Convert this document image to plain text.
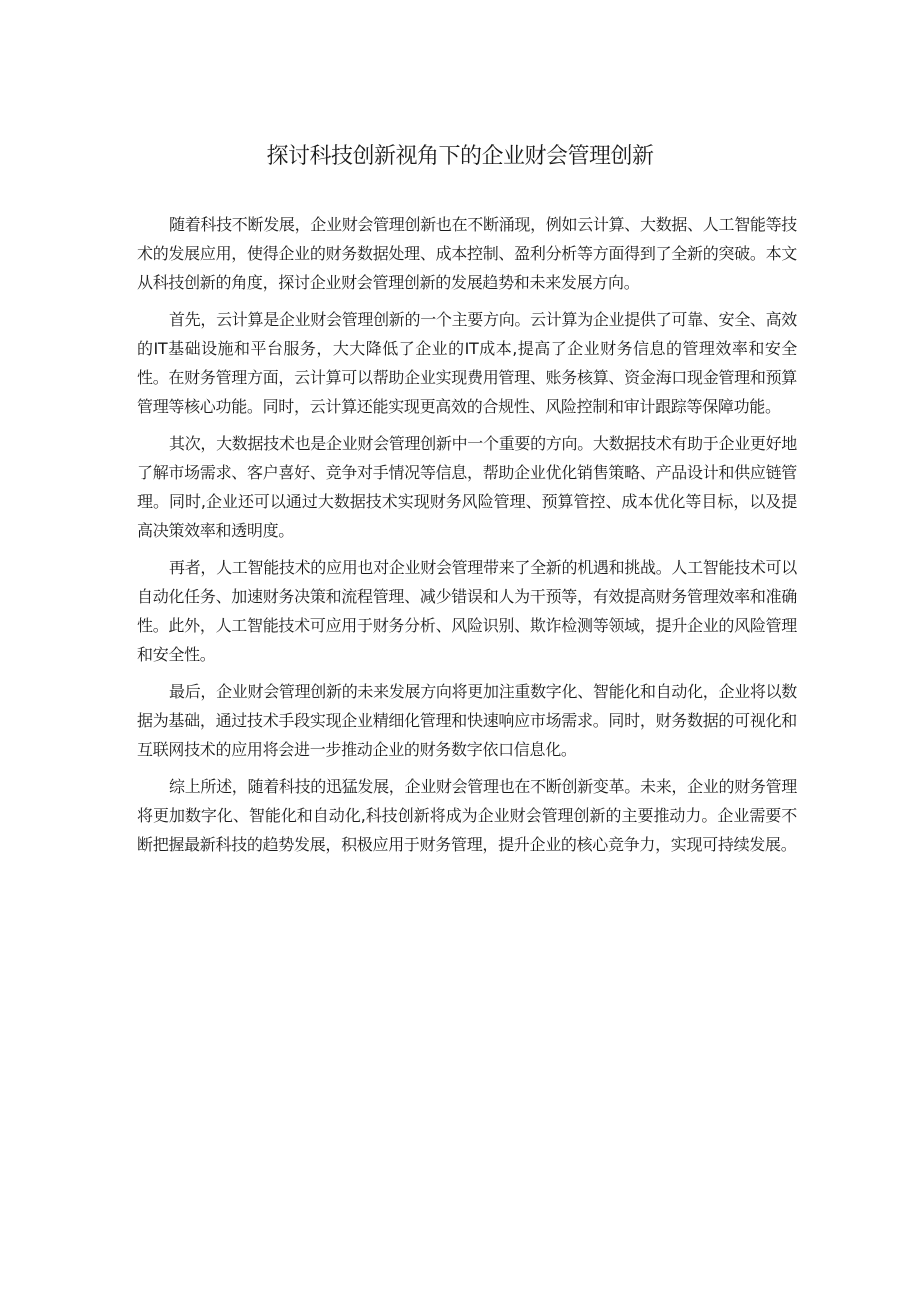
探讨科技创新视角下的企业财会管理创新

随着科技不断发展，企业财会管理创新也在不断涌现，例如云计算、大数据、人工智能等技术的发展应用，使得企业的财务数据处理、成本控制、盈利分析等方面得到了全新的突破。本文从科技创新的角度，探讨企业财会管理创新的发展趋势和未来发展方向。

首先，云计算是企业财会管理创新的一个主要方向。云计算为企业提供了可靠、安全、高效的IT基础设施和平台服务，大大降低了企业的IT成本,提高了企业财务信息的管理效率和安全性。在财务管理方面，云计算可以帮助企业实现费用管理、账务核算、资金海口现金管理和预算管理等核心功能。同时，云计算还能实现更高效的合规性、风险控制和审计跟踪等保障功能。

其次，大数据技术也是企业财会管理创新中一个重要的方向。大数据技术有助于企业更好地了解市场需求、客户喜好、竞争对手情况等信息，帮助企业优化销售策略、产品设计和供应链管理。同时,企业还可以通过大数据技术实现财务风险管理、预算管控、成本优化等目标，以及提高决策效率和透明度。

再者，人工智能技术的应用也对企业财会管理带来了全新的机遇和挑战。人工智能技术可以自动化任务、加速财务决策和流程管理、减少错误和人为干预等，有效提高财务管理效率和准确性。此外，人工智能技术可应用于财务分析、风险识别、欺诈检测等领域，提升企业的风险管理和安全性。

最后，企业财会管理创新的未来发展方向将更加注重数字化、智能化和自动化，企业将以数据为基础，通过技术手段实现企业精细化管理和快速响应市场需求。同时，财务数据的可视化和互联网技术的应用将会进一步推动企业的财务数字依口信息化。

综上所述，随着科技的迅猛发展，企业财会管理也在不断创新变革。未来，企业的财务管理将更加数字化、智能化和自动化,科技创新将成为企业财会管理创新的主要推动力。企业需要不断把握最新科技的趋势发展，积极应用于财务管理，提升企业的核心竞争力，实现可持续发展。
